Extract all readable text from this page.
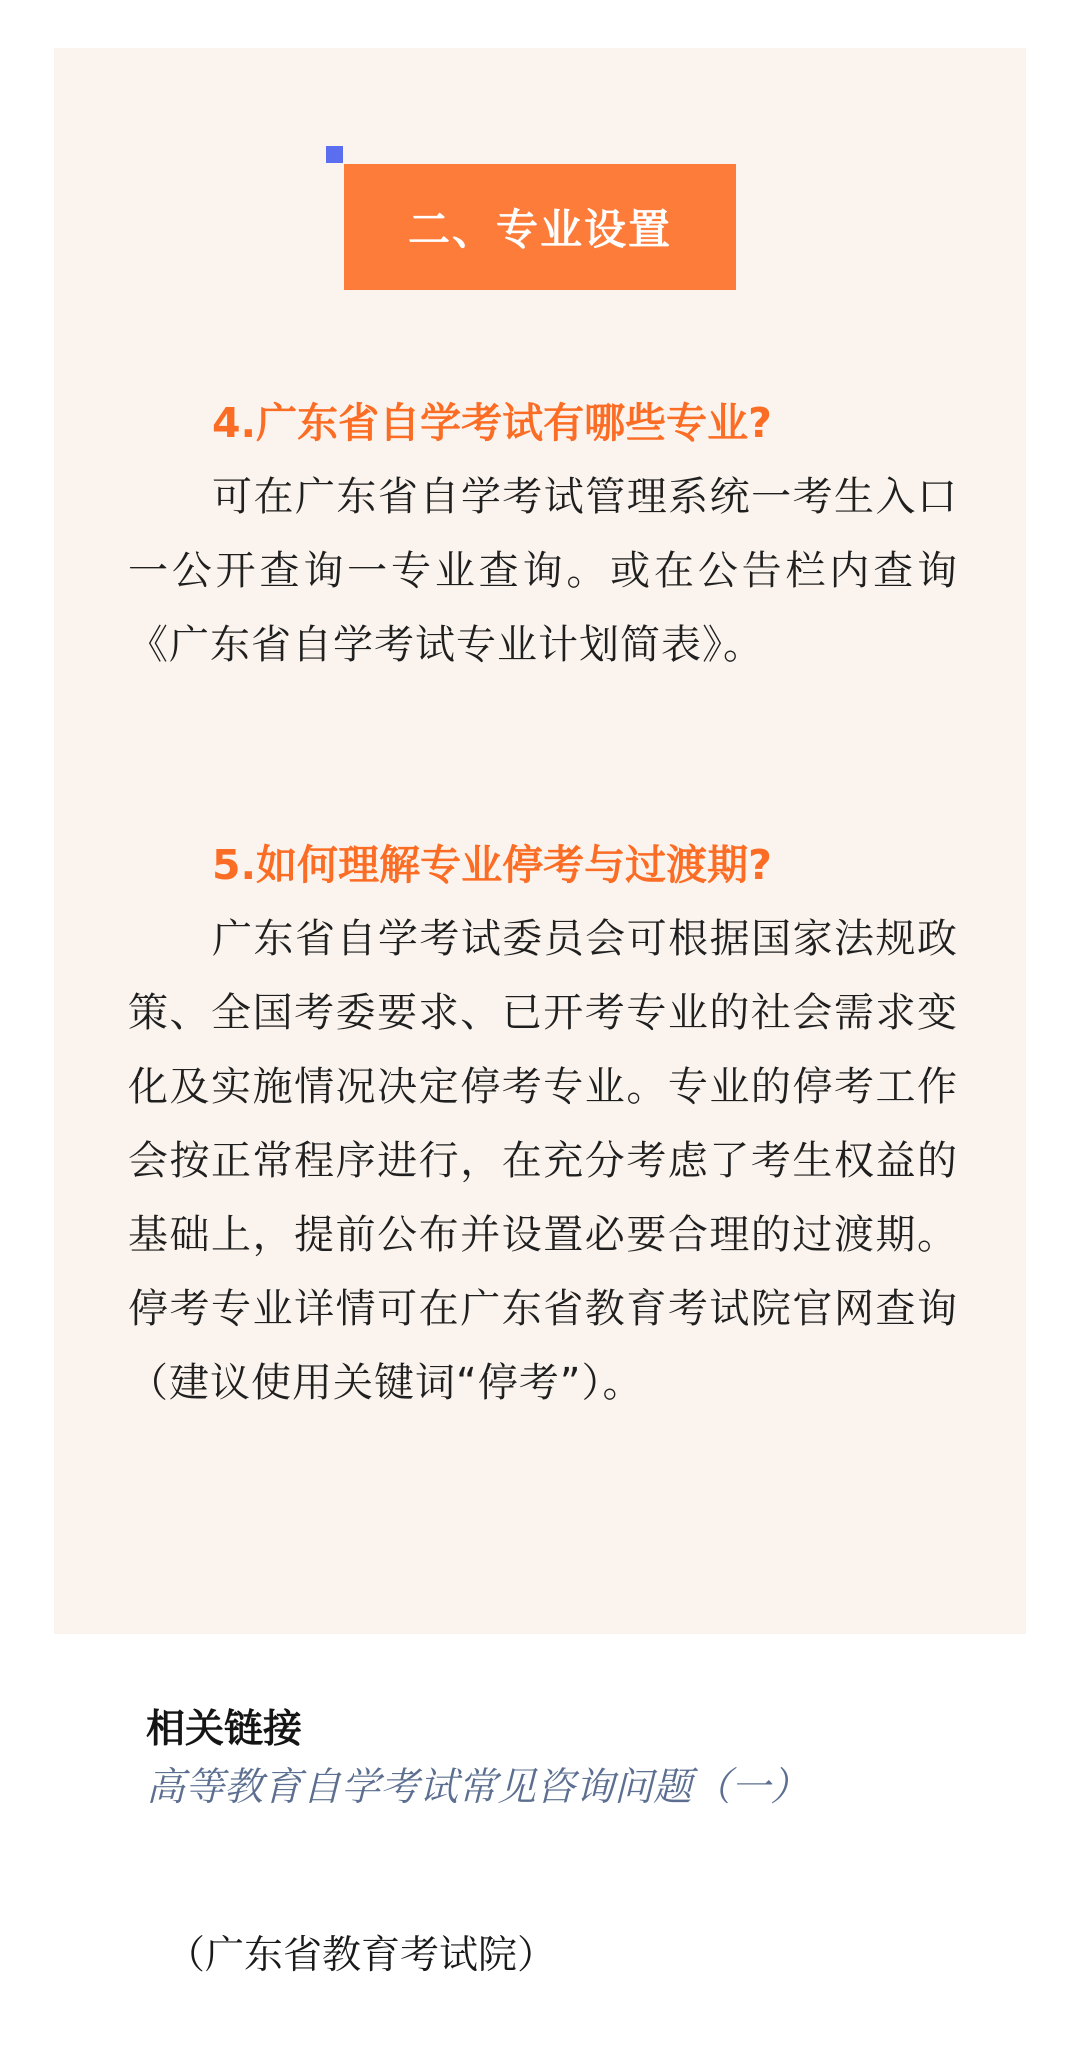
二、专业设置
4.广东省自学考试有哪些专业?
可在广东省自学考试管理系统一考生入口一公开查询一专业查询。或在公告栏内查询《广东省自学考试专业计划简表》。
5.如何理解专业停考与过渡期?
广东省自学考试委员会可根据国家法规政策、全国考委要求、已开考专业的社会需求变化及实施情况决定停考专业。专业的停考工作会按正常程序进行，在充分考虑了考生权益的基础上，提前公布并设置必要合理的过渡期。停考专业详情可在广东省教育考试院官网查询（建议使用关键词“停考”）。
相关链接
高等教育自学考试常见咨询问题（一）
（广东省教育考试院）
